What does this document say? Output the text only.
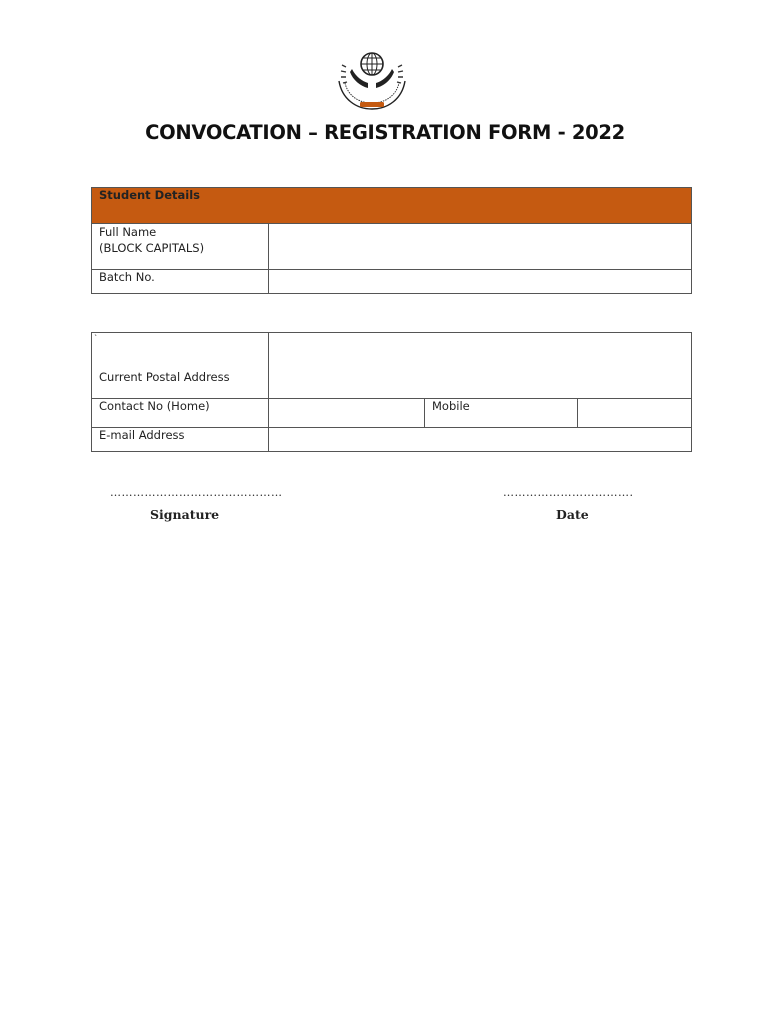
CONVOCATION – REGISTRATION FORM - 2022
Student Details	

Full Name
(BLOCK CAPITALS)	

Batch No.	
`
Current Postal Address			
Contact No (Home)		Mobile	
E-mail Address			
………………………………………
Signature
…………………………….
Date
